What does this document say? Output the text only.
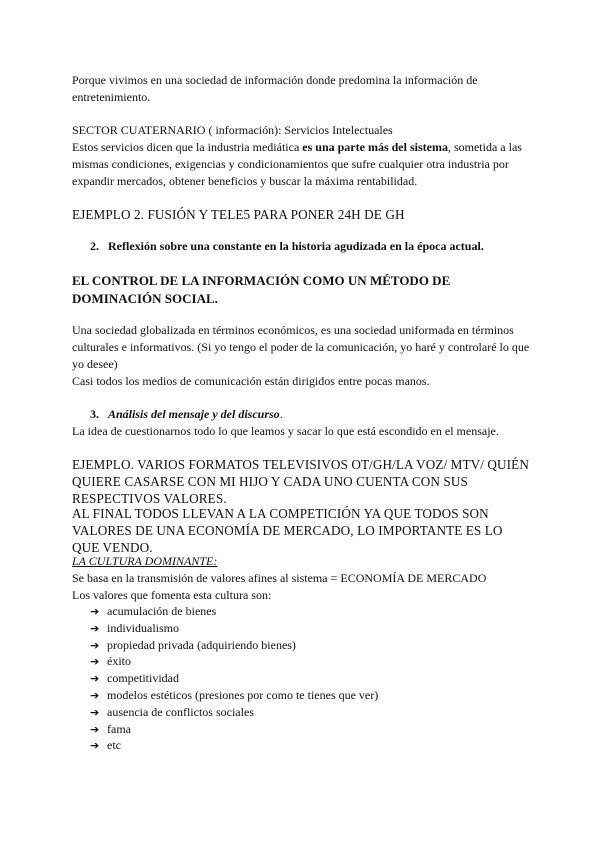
Porque vivimos en una sociedad de información donde predomina la información de entretenimiento.

SECTOR CUATERNARIO ( información): Servicios Intelectuales

Estos servicios dicen que la industria mediática es una parte más del sistema, sometida a las mismas condiciones, exigencias y condicionamientos que sufre cualquier otra industria por expandir mercados, obtener beneficios y buscar la máxima rentabilidad.

EJEMPLO 2. FUSIÓN Y TELE5 PARA PONER 24H DE GH

2. Reflexión sobre una constante en la historia agudizada en la época actual.

EL CONTROL DE LA INFORMACIÓN COMO UN MÉTODO DE DOMINACIÓN SOCIAL.

Una sociedad globalizada en términos económicos, es una sociedad uniformada en términos culturales e informativos. (Si yo tengo el poder de la comunicación, yo haré y controlaré lo que yo desee)

Casi todos los medios de comunicación están dirigidos entre pocas manos.

3. Análisis del mensaje y del discurso.

La idea de cuestionarnos todo lo que leamos y sacar lo que está escondido en el mensaje.

EJEMPLO. VARIOS FORMATOS TELEVISIVOS OT/GH/LA VOZ/ MTV/ QUIÉN QUIERE CASARSE CON MI HIJO Y CADA UNO CUENTA CON SUS RESPECTIVOS VALORES.

AL FINAL TODOS LLEVAN A LA COMPETICIÓN YA QUE TODOS SON VALORES DE UNA ECONOMÍA DE MERCADO, LO IMPORTANTE ES LO QUE VENDO.

LA CULTURA DOMINANTE:

Se basa en la transmisión de valores afines al sistema = ECONOMÍA DE MERCADO

Los valores que fomenta esta cultura son:

➔ acumulación de bienes
➔ individualismo
➔ propiedad privada (adquiriendo bienes)
➔ éxito
➔ competitividad
➔ modelos estéticos (presiones por como te tienes que ver)
➔ ausencia de conflictos sociales
➔ fama
➔ etc
